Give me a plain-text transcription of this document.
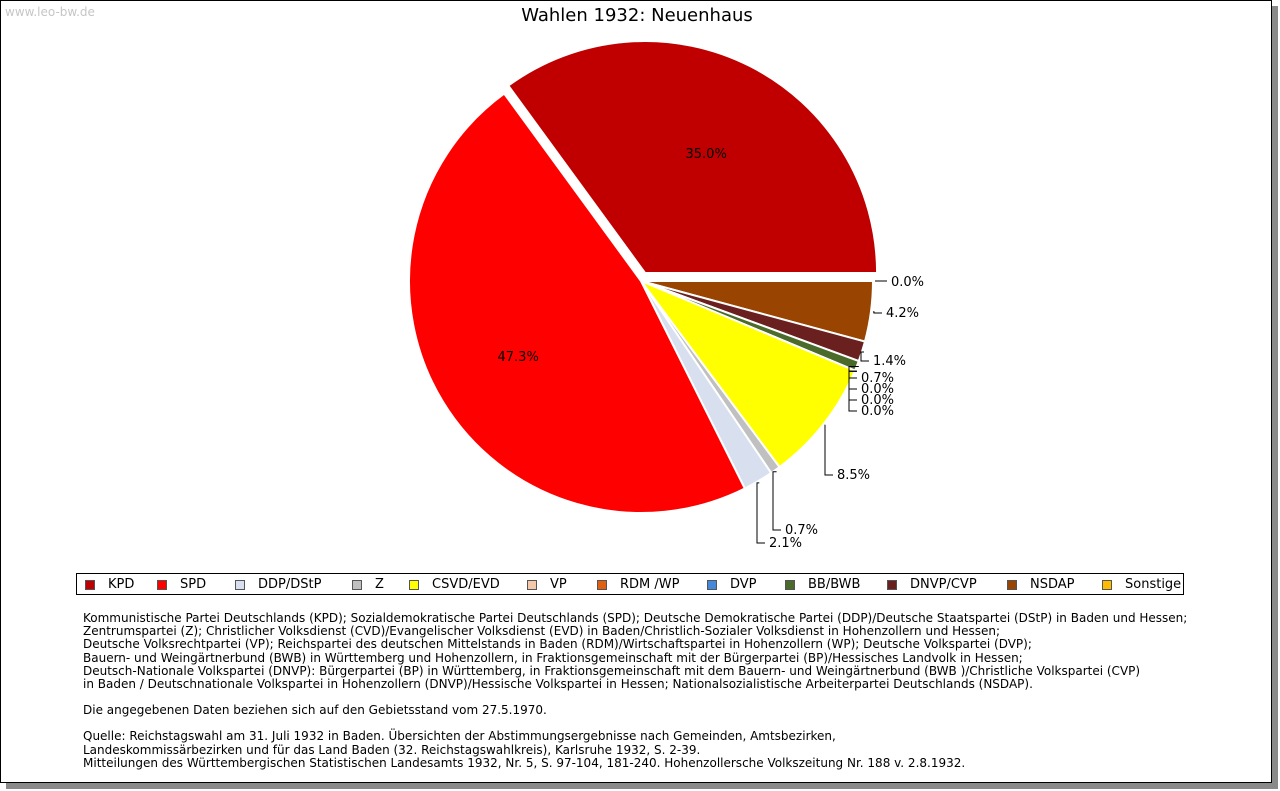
www.leo-bw.de	Wahlen 1932: Neuenhaus
47.3%
35.0%
0.0%
4.2%
1.4%
0.7%
0.0%
0.0%
0.0%
8.5%
0.7%
2.1%
KPD	SPD	DDP/DStP	Z	CSVD/EVD	VP	RDM /WP	DVP	BB/BWB	DNVP/CVP	NSDAP	Sonstige

Kommunistische Partei Deutschlands (KPD); Sozialdemokratische Partei Deutschlands (SPD); Deutsche Demokratische Partei (DDP)/Deutsche Staatspartei (DStP) in Baden und Hessen;

Zentrumspartei (Z); Christlicher Volksdienst (CVD)/Evangelischer Volksdienst (EVD) in Baden/Christlich-Sozialer Volksdienst in Hohenzollern und Hessen;

Deutsche Volksrechtpartei (VP); Reichspartei des deutschen Mittelstands in Baden (RDM)/Wirtschaftspartei in Hohenzollern (WP); Deutsche Volkspartei (DVP);

Bauern- und Weingärtnerbund (BWB) in Württemberg und Hohenzollern, in Fraktionsgemeinschaft mit der Bürgerpartei (BP)/Hessisches Landvolk in Hessen;

Deutsch-Nationale Volkspartei (DNVP): Bürgerpartei (BP) in Württemberg, in Fraktionsgemeinschaft mit dem Bauern- und Weingärtnerbund (BWB )/Christliche Volkspartei (CVP)

in Baden / Deutschnationale Volkspartei in Hohenzollern (DNVP)/Hessische Volkspartei in Hessen; Nationalsozialistische Arbeiterpartei Deutschlands (NSDAP).

Die angegebenen Daten beziehen sich auf den Gebietsstand vom 27.5.1970.

Quelle: Reichstagswahl am 31. Juli 1932 in Baden. Übersichten der Abstimmungsergebnisse nach Gemeinden, Amtsbezirken,

Landeskommissärbezirken und für das Land Baden (32. Reichstagswahlkreis), Karlsruhe 1932, S. 2-39.

Mitteilungen des Württembergischen Statistischen Landesamts 1932, Nr. 5, S. 97-104, 181-240. Hohenzollersche Volkszeitung Nr. 188 v. 2.8.1932.
